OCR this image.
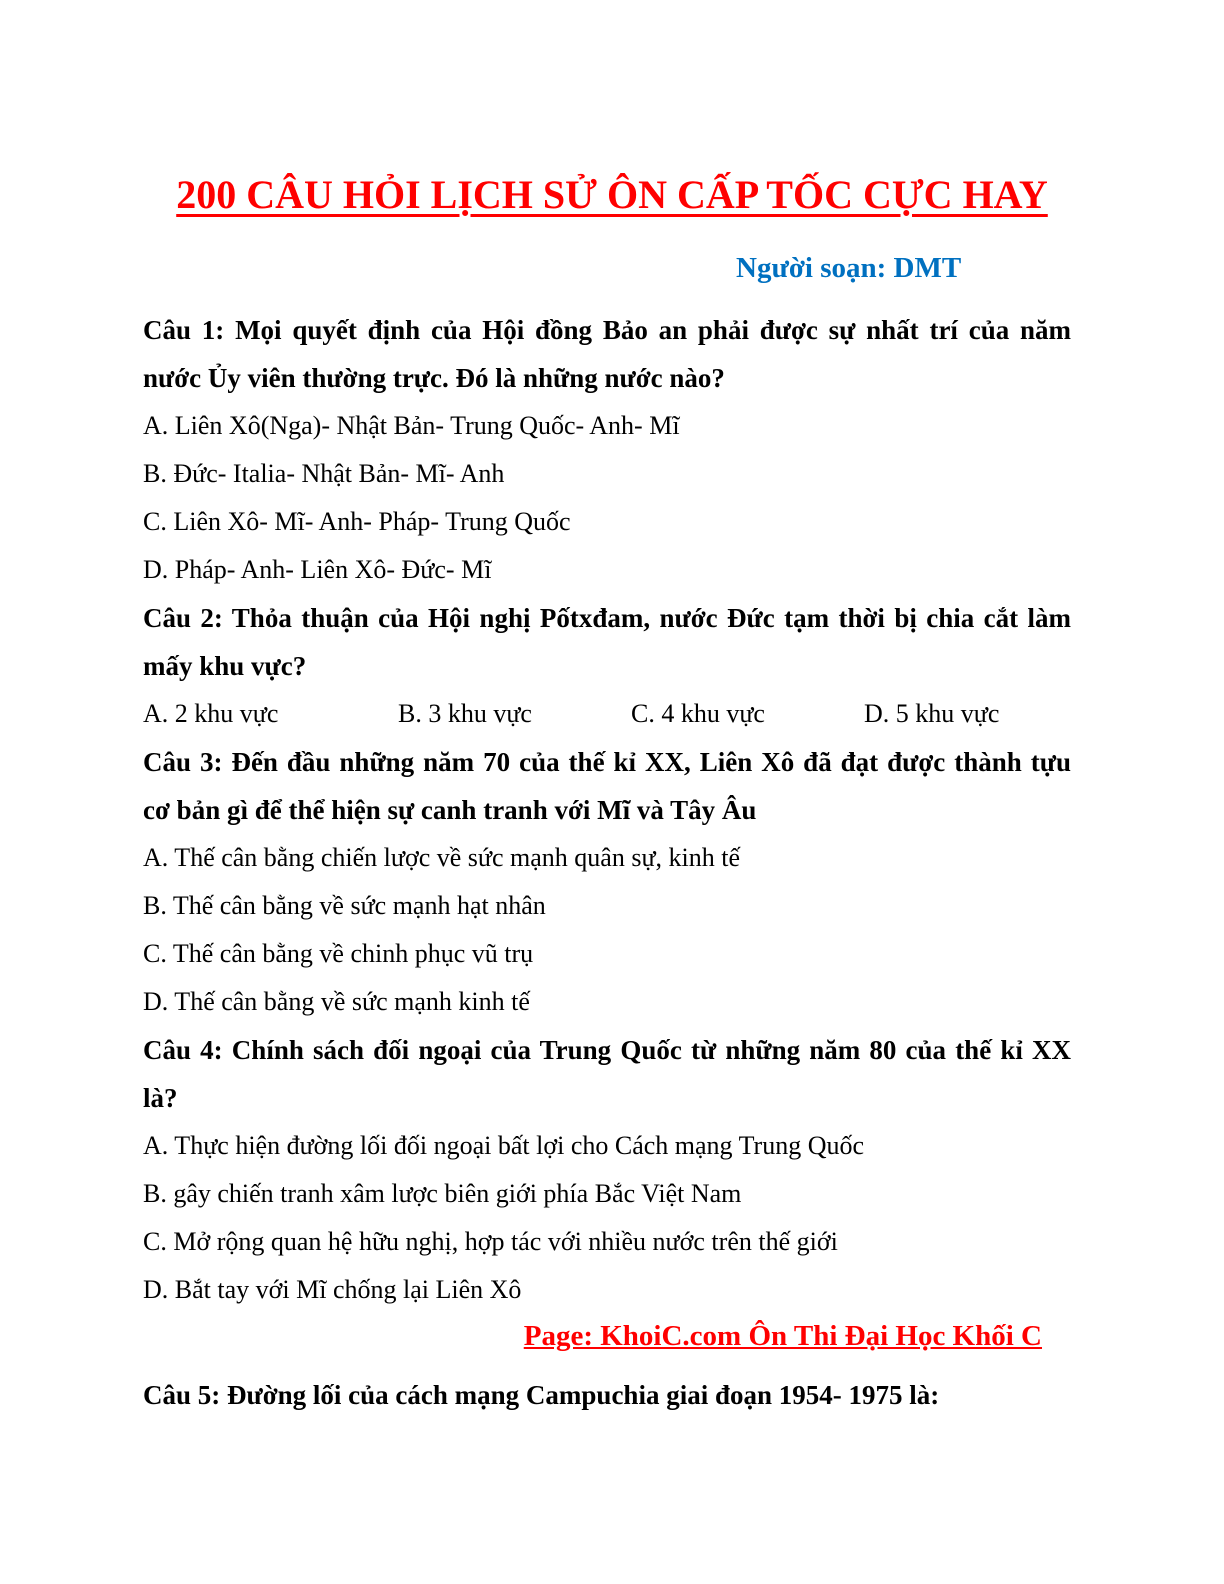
200 CÂU HỎI LỊCH SỬ ÔN CẤP TỐC CỰC HAY
Người soạn: DMT
Câu 1: Mọi quyết định của Hội đồng Bảo an phải được sự nhất trí của năm
nước Ủy viên thường trực. Đó là những nước nào?
A. Liên Xô(Nga)- Nhật Bản- Trung Quốc- Anh- Mĩ
B. Đức- Italia- Nhật Bản- Mĩ- Anh
C. Liên Xô- Mĩ- Anh- Pháp- Trung Quốc
D. Pháp- Anh- Liên Xô- Đức- Mĩ
Câu 2: Thỏa thuận của Hội nghị Pốtxđam, nước Đức tạm thời bị chia cắt làm
mấy khu vực?
A. 2 khu vực	B. 3 khu vực	C. 4 khu vực	D. 5 khu vực
Câu 3: Đến đầu những năm 70 của thế kỉ XX, Liên Xô đã đạt được thành tựu
cơ bản gì để thể hiện sự canh tranh với Mĩ và Tây Âu
A. Thế cân bằng chiến lược về sức mạnh quân sự, kinh tế
B. Thế cân bằng về sức mạnh hạt nhân
C. Thế cân bằng về chinh phục vũ trụ
D. Thế cân bằng về sức mạnh kinh tế
Câu 4: Chính sách đối ngoại của Trung Quốc từ những năm 80 của thế kỉ XX
là?
A. Thực hiện đường lối đối ngoại bất lợi cho Cách mạng Trung Quốc
B. gây chiến tranh xâm lược biên giới phía Bắc Việt Nam
C. Mở rộng quan hệ hữu nghị, hợp tác với nhiều nước trên thế giới
D. Bắt tay với Mĩ chống lại Liên Xô
Page: KhoiC.com Ôn Thi Đại Học Khối C
Câu 5: Đường lối của cách mạng Campuchia giai đoạn 1954- 1975 là:
